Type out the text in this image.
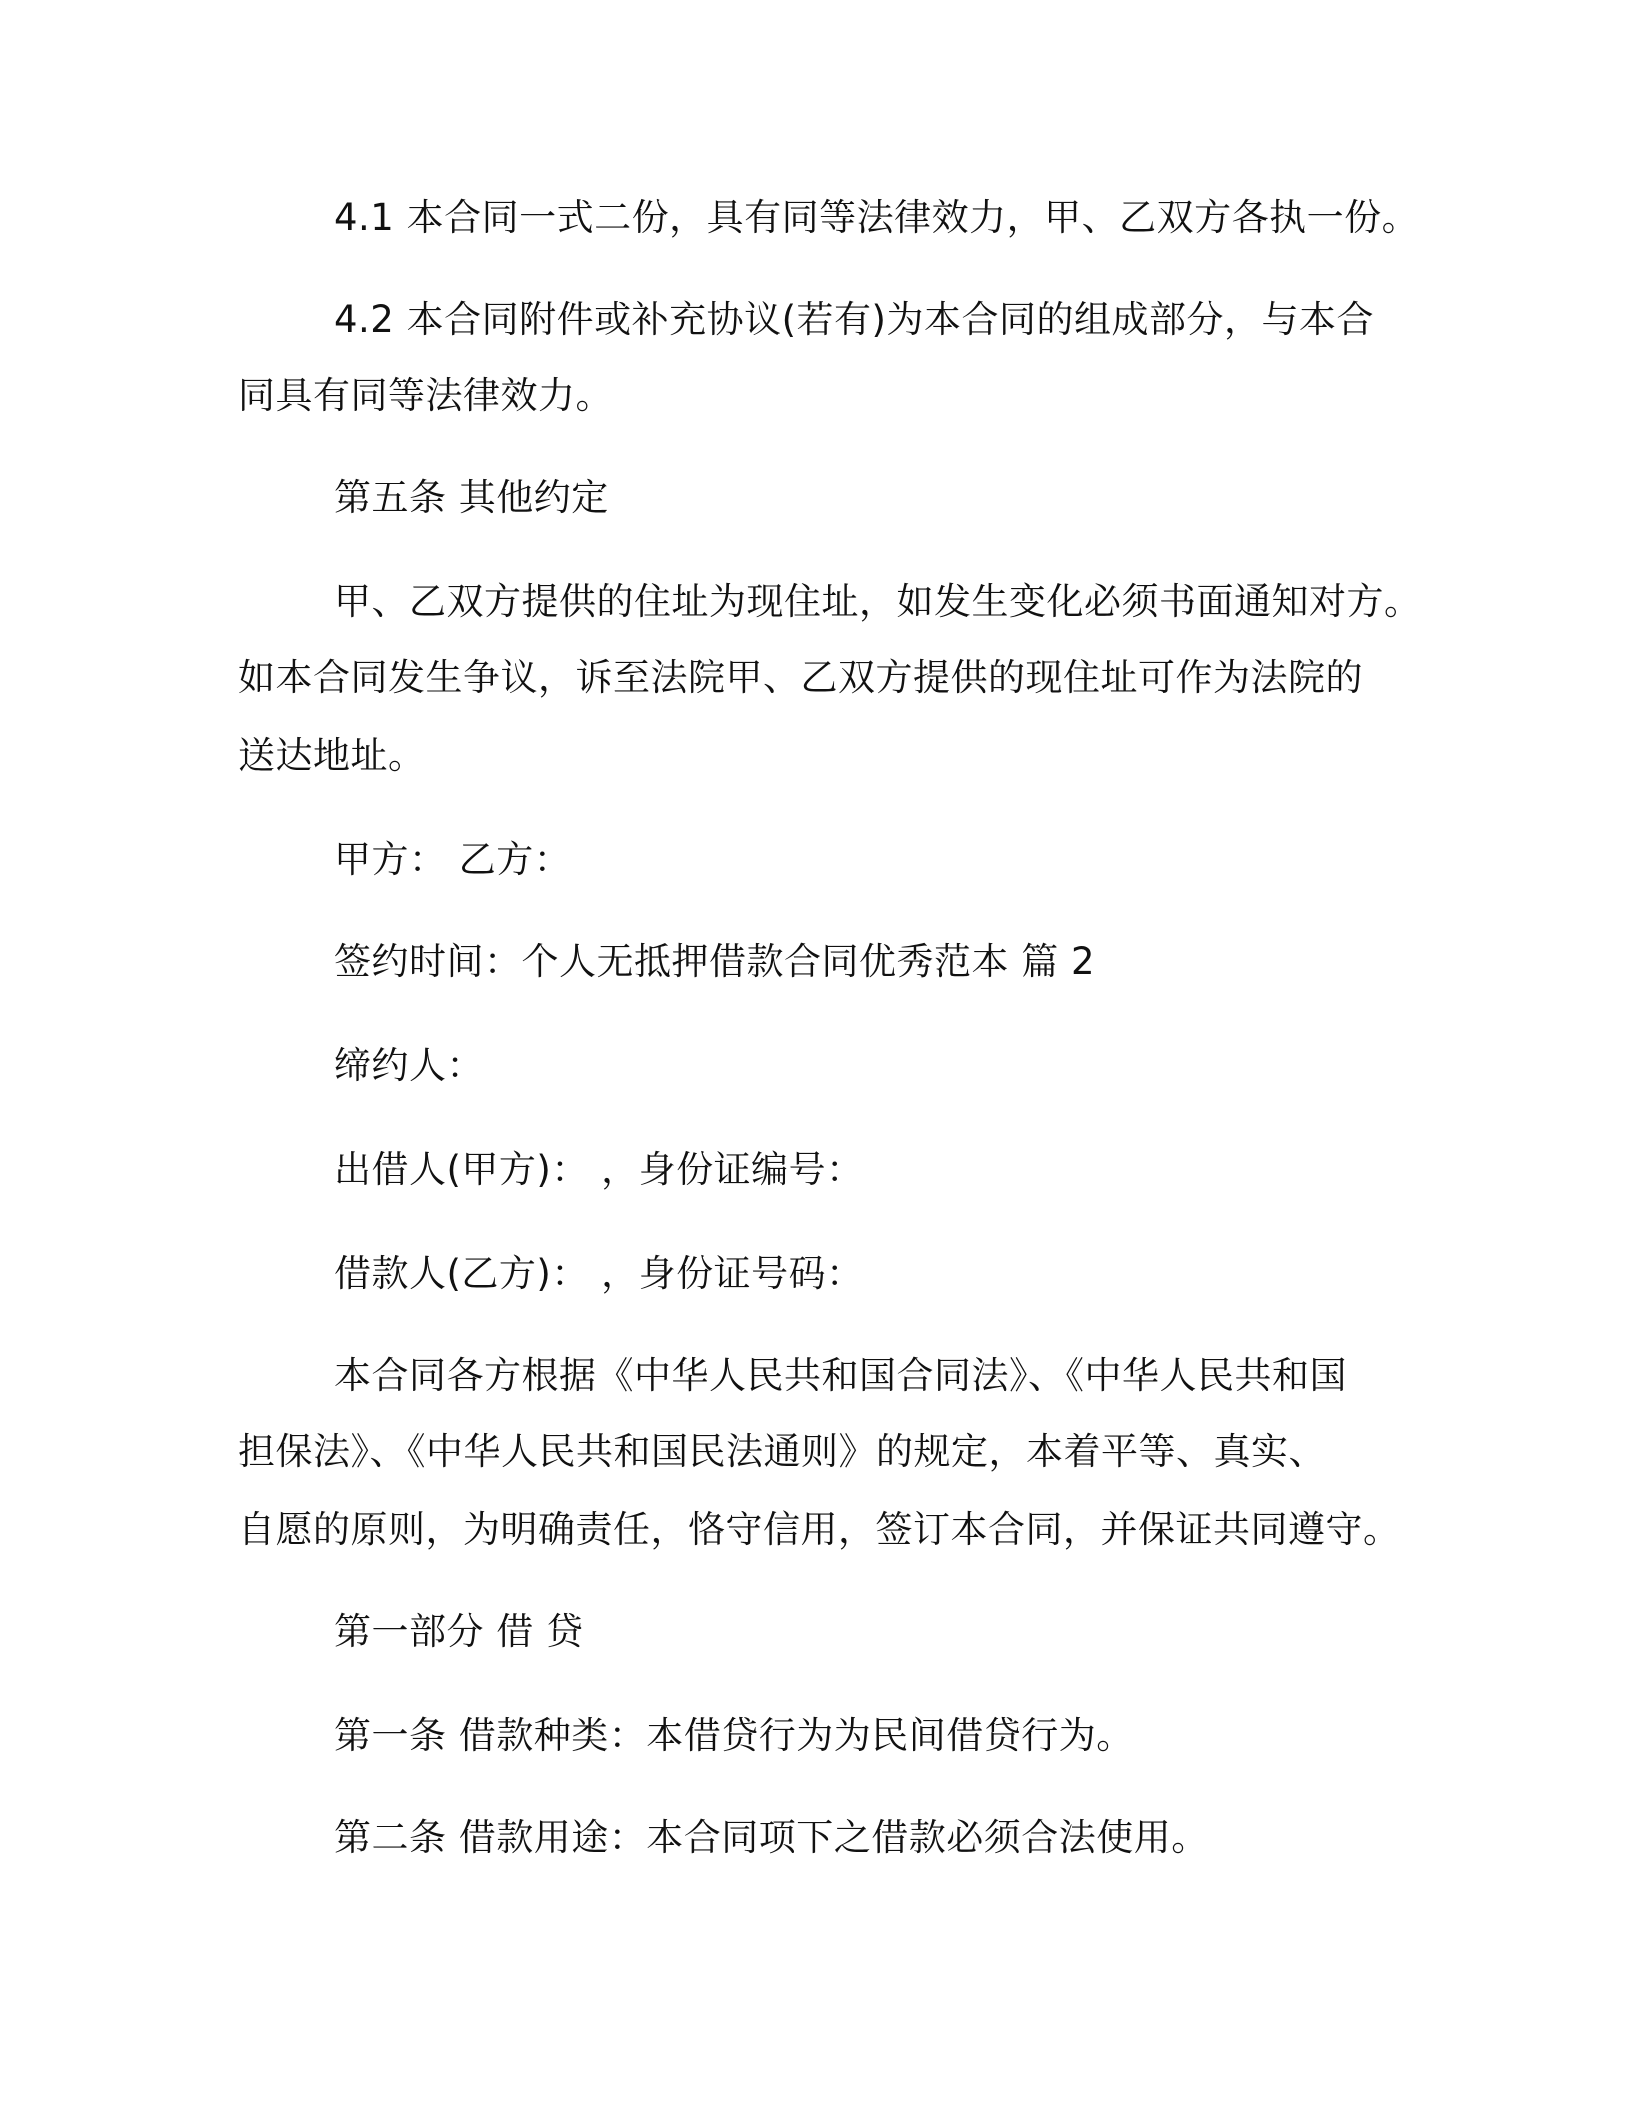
4.1 本合同一式二份，具有同等法律效力，甲、乙双方各执一份。
4.2 本合同附件或补充协议(若有)为本合同的组成部分，与本合
同具有同等法律效力。
第五条 其他约定
甲、乙双方提供的住址为现住址，如发生变化必须书面通知对方。
如本合同发生争议，诉至法院甲、乙双方提供的现住址可作为法院的
送达地址。
甲方： 乙方：
签约时间：个人无抵押借款合同优秀范本 篇 2
缔约人：
出借人(甲方)： ，身份证编号：
借款人(乙方)： ，身份证号码：
本合同各方根据《中华人民共和国合同法》、《中华人民共和国
担保法》、《中华人民共和国民法通则》的规定，本着平等、真实、
自愿的原则，为明确责任，恪守信用，签订本合同，并保证共同遵守。
第一部分 借 贷
第一条 借款种类：本借贷行为为民间借贷行为。
第二条 借款用途：本合同项下之借款必须合法使用。
